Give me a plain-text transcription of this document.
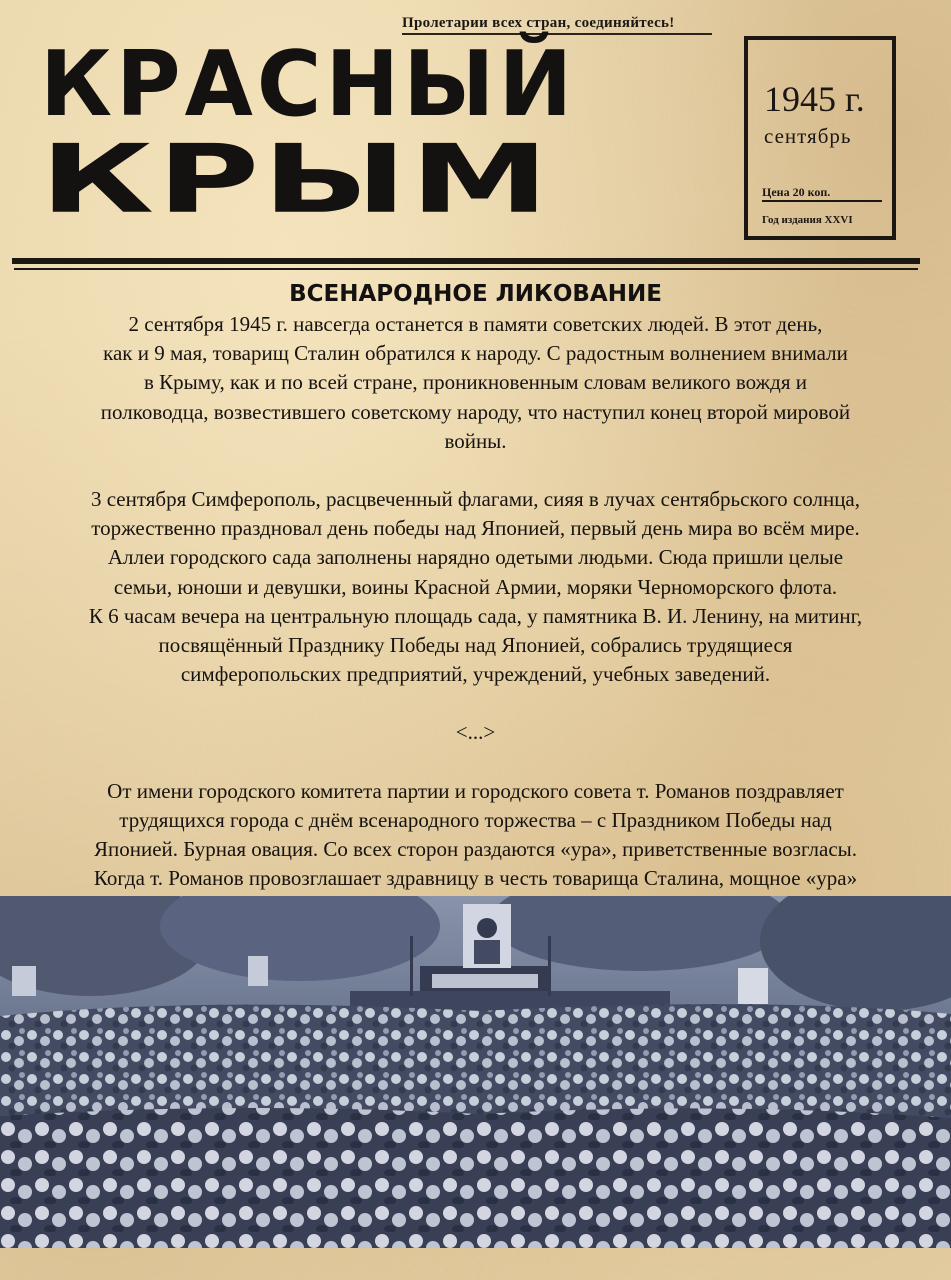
Пролетарии всех стран, соединяйтесь!
КРАСНЫЙ
КРЫМ
1945 г.
сентябрь
Цена 20 коп.
Год издания XXVI
ВСЕНАРОДНОЕ ЛИКОВАНИЕ
2 сентября 1945 г. навсегда останется в памяти советских людей. В этот день,
как и 9 мая, товарищ Сталин обратился к народу. С радостным волнением внимали
в Крыму, как и по всей стране, проникновенным словам великого вождя и
полководца, возвестившего советскому народу, что наступил конец второй мировой
войны.
3 сентября Симферополь, расцвеченный флагами, сияя в лучах сентябрьского солнца,
торжественно праздновал день победы над Японией, первый день мира во всём мире.
Аллеи городского сада заполнены нарядно одетыми людьми. Сюда пришли целые
семьи, юноши и девушки, воины Красной Армии, моряки Черноморского флота.
К 6 часам вечера на центральную площадь сада, у памятника В. И. Ленину, на митинг,
посвящённый Празднику Победы над Японией, собрались трудящиеся
симферопольских предприятий, учреждений, учебных заведений.
<...>
От имени городского комитета партии и городского совета т. Романов поздравляет
трудящихся города с днём всенародного торжества – с Праздником Победы над
Японией. Бурная овация. Со всех сторон раздаются «ура», приветственные возгласы.
Когда т. Романов провозглашает здравницу в честь товарища Сталина, мощное «ура»
